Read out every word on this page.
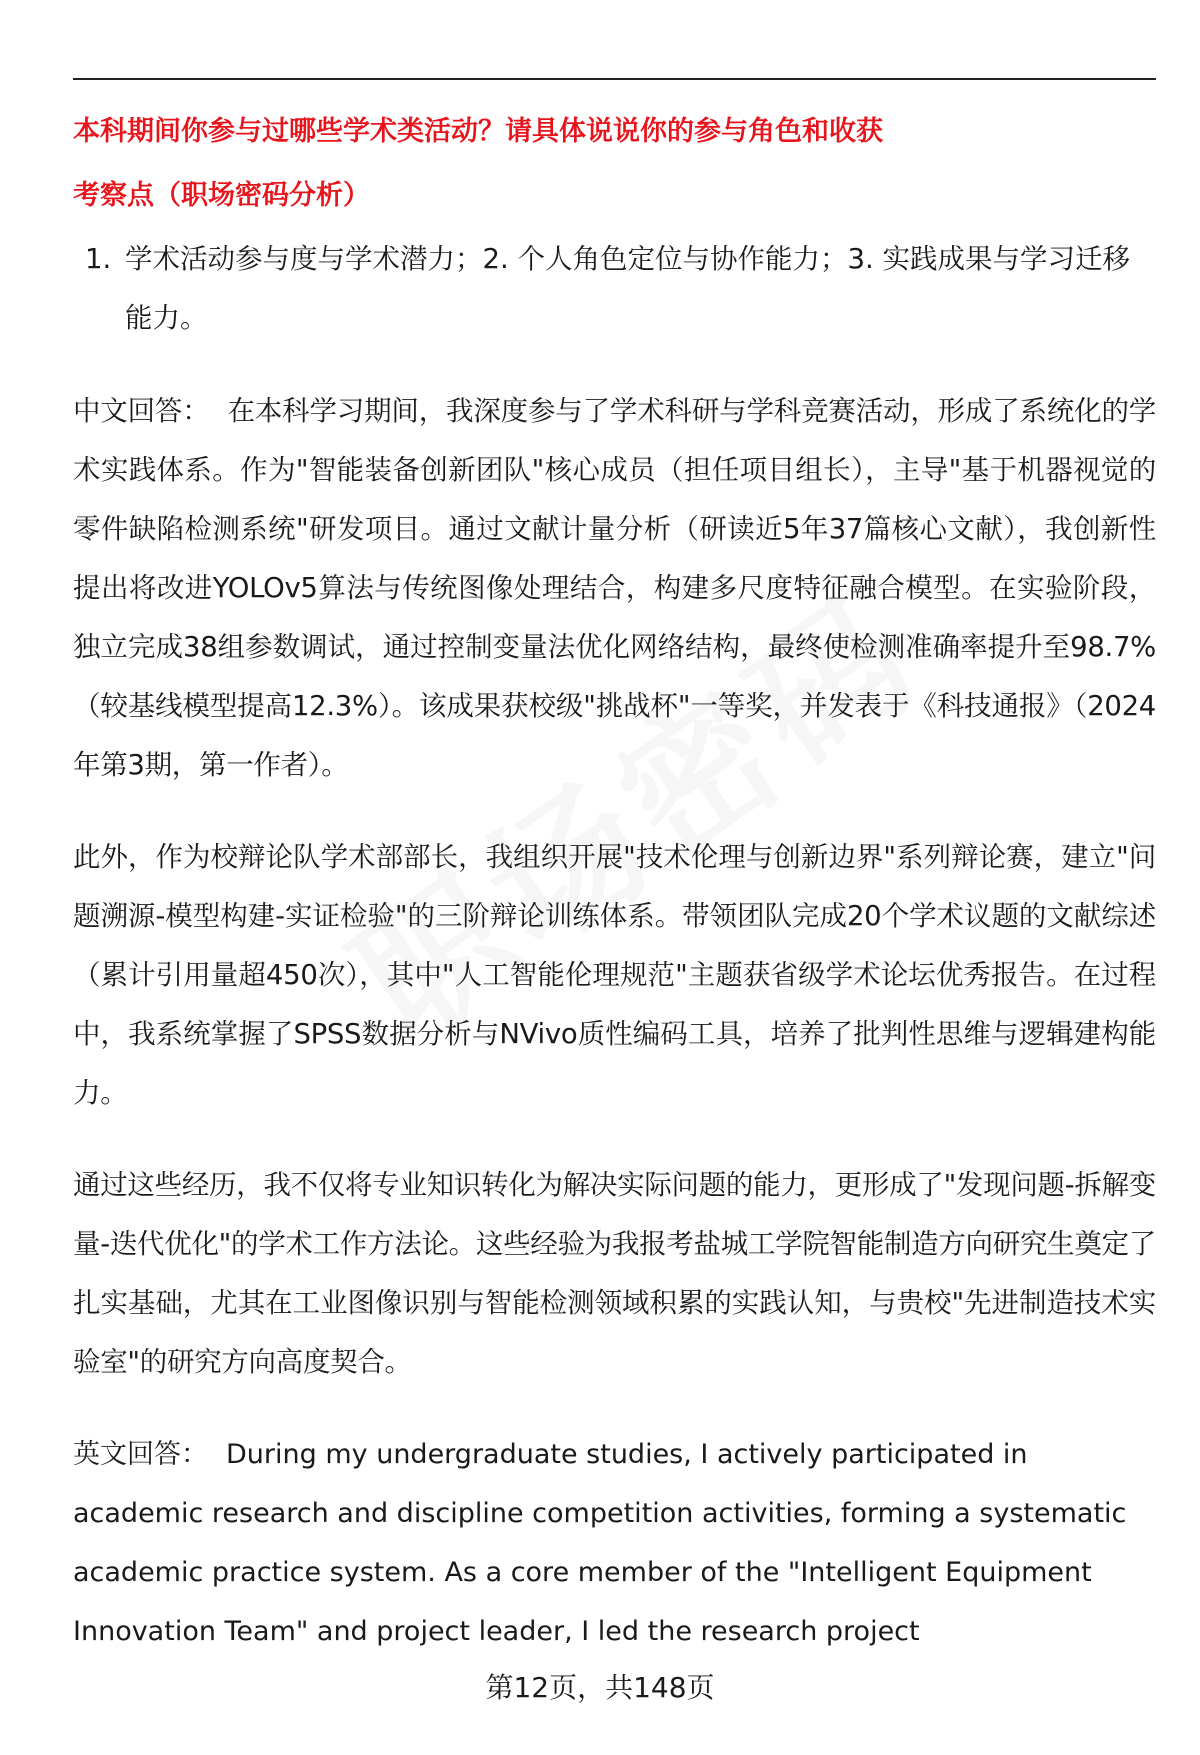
本科期间你参与过哪些学术类活动？请具体说说你的参与角色和收获

考察点（职场密码分析）

1. 学术活动参与度与学术潜力；2. 个人角色定位与协作能力；3. 实践成果与学习迁移能力。

中文回答： 在本科学习期间，我深度参与了学术科研与学科竞赛活动，形成了系统化的学术实践体系。作为"智能装备创新团队"核心成员（担任项目组长），主导"基于机器视觉的零件缺陷检测系统"研发项目。通过文献计量分析（研读近5年37篇核心文献），我创新性提出将改进YOLOv5算法与传统图像处理结合，构建多尺度特征融合模型。在实验阶段，独立完成38组参数调试，通过控制变量法优化网络结构，最终使检测准确率提升至98.7%（较基线模型提高12.3%）。该成果获校级"挑战杯"一等奖，并发表于《科技通报》（2024年第3期，第一作者）。

此外，作为校辩论队学术部部长，我组织开展"技术伦理与创新边界"系列辩论赛，建立"问题溯源-模型构建-实证检验"的三阶辩论训练体系。带领团队完成20个学术议题的文献综述（累计引用量超450次），其中"人工智能伦理规范"主题获省级学术论坛优秀报告。在过程中，我系统掌握了SPSS数据分析与NVivo质性编码工具，培养了批判性思维与逻辑建构能力。

通过这些经历，我不仅将专业知识转化为解决实际问题的能力，更形成了"发现问题-拆解变量-迭代优化"的学术工作方法论。这些经验为我报考盐城工学院智能制造方向研究生奠定了扎实基础，尤其在工业图像识别与智能检测领域积累的实践认知，与贵校"先进制造技术实验室"的研究方向高度契合。

英文回答： During my undergraduate studies, I actively participated in academic research and discipline competition activities, forming a systematic academic practice system. As a core member of the "Intelligent Equipment Innovation Team" and project leader, I led the research project

第12页，共148页
